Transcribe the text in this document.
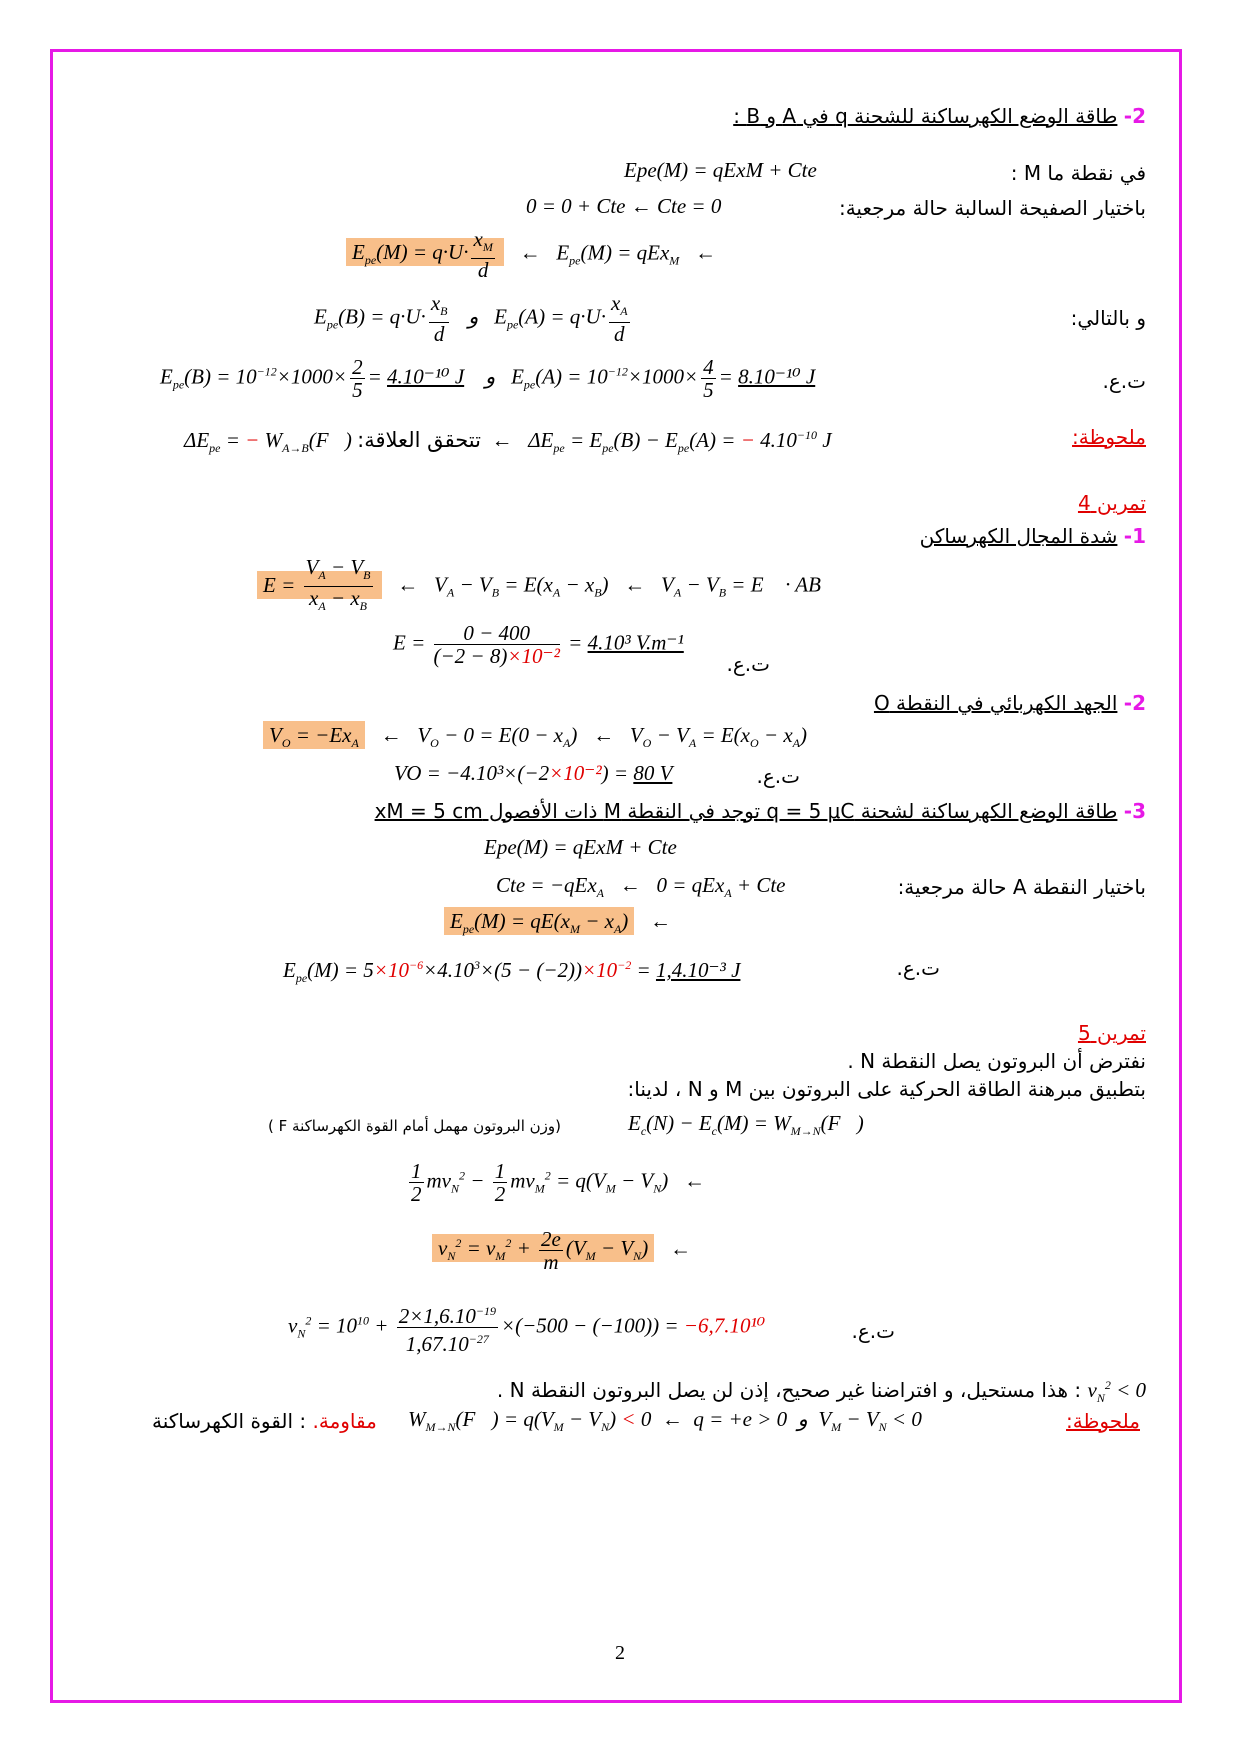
2- طاقة الوضع الكهرساكنة للشحنة q في A و B :
في نقطة ما M :
Epe(M) = qExM + Cte
باختيار الصفيحة السالبة حالة مرجعية:
0 = 0 + Cte ← Cte = 0
$E_{pe}(M) = q\cdot U\cdot \frac{x_M}{d}$ ←   $E_{pe}(M) = qEx_M$   ←
و بالتالي:
$E_{pe}(B) = q\cdot U\cdot \frac{x_B}{d}$ و   $E_{pe}(A) = q\cdot U\cdot \frac{x_A}{d}$
ت.ع.
$E_{pe}(B) = 10^{-12}\times 1000\times \frac{2}{5} = 4.10^{-10}$ J    و   $E_{pe}(A) = 10^{-12}\times 1000\times \frac{4}{5} = 8.10^{-10}$ J
ملحوظة:
$\Delta E_{pe}$ = − $W_{A\to B}(F⃗)$ تتحقق العلاقة:  ←   $\Delta E_{pe} = E_{pe}(B) - E_{pe}(A)$ = − $4.10^{-10}$ J
تمرين 4
1- شدة المجال الكهرساكن
$E = \frac{V_A - V_B}{x_A - x_B}$ ←   $V_A - V_B = E(x_A - x_B)$   ←   $V_A - V_B$ = E⃗ · AB⃗
ت.ع.
$E = \frac{0 - 400}{\text{(−2 − 8)×10⁻²}} = 4.10^3$ V.m⁻¹
2- الجهد الكهربائي في النقطة O
$V_O = -Ex_A$   ←   $V_O - 0 = E(0 - x_A)$   ←   $V_O - V_A = E(x_O - x_A)$
ت.ع.
VO = −4.10³×(−2×10⁻²) = 80 V
3- طاقة الوضع الكهرساكنة لشحنة q = 5 μC توجد في النقطة M ذات الأفصول xM = 5 cm
Epe(M) = qExM + Cte
باختيار النقطة A حالة مرجعية:
Cte = −qEx$_A$   ←   0 = qEx$_A$ + Cte
$E_{pe}(M) = qE(x_M - x_A)$   ←
ت.ع.
$E_{pe}(M) = 5\times 10^{-6}\times 4.10^3\times(5 - (-2))\times 10^{-2} = 1,4.10^{-3}$ J
تمرين 5
نفترض أن البروتون يصل النقطة N .
بتطبيق مبرهنة الطاقة الحركية على البروتون بين M و N ، لدينا:
$E_c(N) - E_c(M)$ = $W_{M\to N}(F⃗)$
(وزن البروتون مهمل أمام القوة الكهرساكنة F )
$\frac{1}{2} mv_N^2 - \frac{1}{2} mv_M^2 = q(V_M - V_N)$   ←
$v_N^2 = v_M^2 + \frac{2e}{m} (V_M - V_N)$   ←
ت.ع.
$v_N^2 = 10^{10} + \frac{2\times 1,6.10^{-19}}{1,67.10^{-27}} \times(-500 - (-100)) = -6,7.10^{10}$
$v_N^2 < 0$ : هذا مستحيل، و افتراضنا غير صحيح، إذن لن يصل البروتون النقطة N .
ملحوظة:
مقاومة. : القوة الكهرساكنة	$W_{M\to N}(F⃗) = q(V_M - V_N) < 0$  ←  q = +e > 0  و  $V_M - V_N < 0$
2
